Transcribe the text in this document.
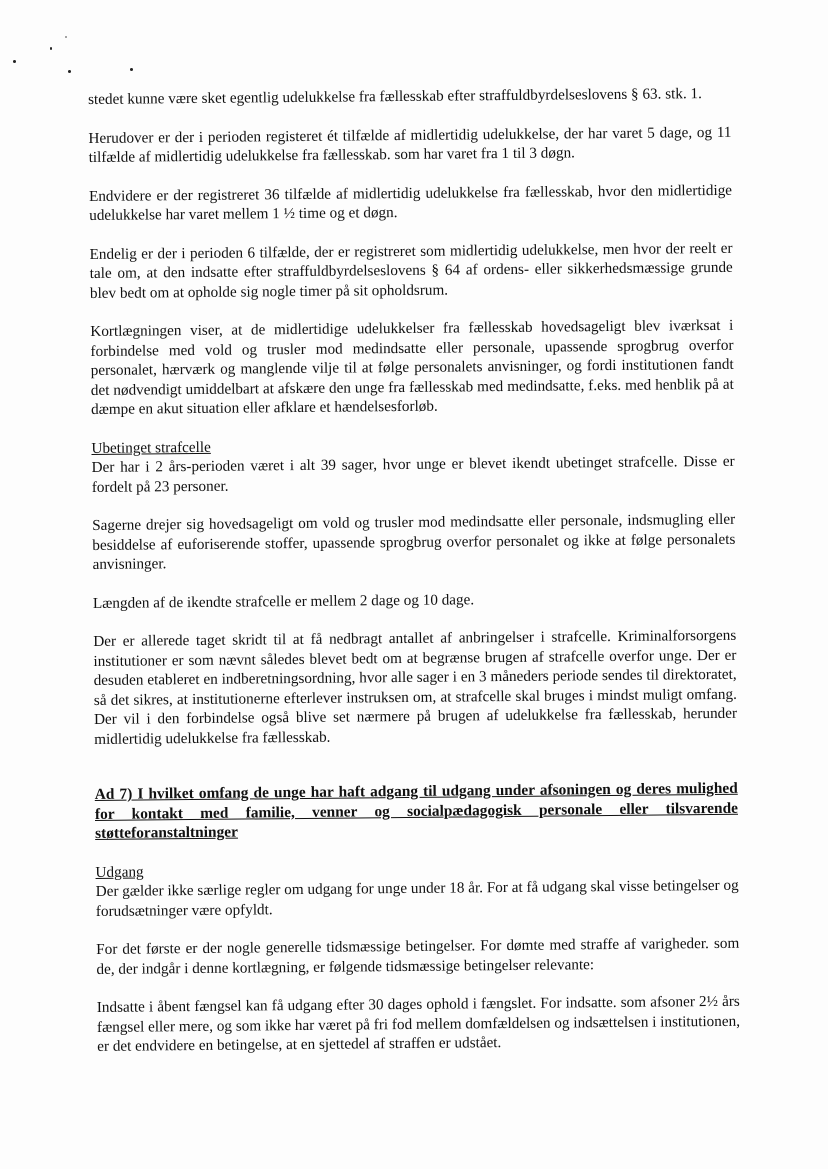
stedet kunne være sket egentlig udelukkelse fra fællesskab efter straffuldbyrdelseslovens § 63. stk. 1.

Herudover er der i perioden registeret ét tilfælde af midlertidig udelukkelse, der har varet 5 dage, og 11 tilfælde af midlertidig udelukkelse fra fællesskab. som har varet fra 1 til 3 døgn.

Endvidere er der registreret 36 tilfælde af midlertidig udelukkelse fra fællesskab, hvor den midlertidige udelukkelse har varet mellem 1 ½ time og et døgn.

Endelig er der i perioden 6 tilfælde, der er registreret som midlertidig udelukkelse, men hvor der reelt er tale om, at den indsatte efter straffuldbyrdelseslovens § 64 af ordens- eller sikkerhedsmæssige grunde blev bedt om at opholde sig nogle timer på sit opholdsrum.

Kortlægningen viser, at de midlertidige udelukkelser fra fællesskab hovedsageligt blev iværksat i forbindelse med vold og trusler mod medindsatte eller personale, upassende sprogbrug overfor personalet, hærværk og manglende vilje til at følge personalets anvisninger, og fordi institutionen fandt det nødvendigt umiddelbart at afskære den unge fra fællesskab med medindsatte, f.eks. med henblik på at dæmpe en akut situation eller afklare et hændelsesforløb.

Ubetinget strafcelle

Der har i 2 års-perioden været i alt 39 sager, hvor unge er blevet ikendt ubetinget strafcelle. Disse er fordelt på 23 personer.

Sagerne drejer sig hovedsageligt om vold og trusler mod medindsatte eller personale, indsmugling eller besiddelse af euforiserende stoffer, upassende sprogbrug overfor personalet og ikke at følge personalets anvisninger.

Længden af de ikendte strafcelle er mellem 2 dage og 10 dage.

Der er allerede taget skridt til at få nedbragt antallet af anbringelser i strafcelle. Kriminalforsorgens institutioner er som nævnt således blevet bedt om at begrænse brugen af strafcelle overfor unge. Der er desuden etableret en indberetningsordning, hvor alle sager i en 3 måneders periode sendes til direktoratet, så det sikres, at institutionerne efterlever instruksen om, at strafcelle skal bruges i mindst muligt omfang. Der vil i den forbindelse også blive set nærmere på brugen af udelukkelse fra fællesskab, herunder midlertidig udelukkelse fra fællesskab.

Ad 7) I hvilket omfang de unge har haft adgang til udgang under afsoningen og deres mulighed for kontakt med familie, venner og socialpædagogisk personale eller tilsvarende støtteforanstaltninger
Udgang

Der gælder ikke særlige regler om udgang for unge under 18 år. For at få udgang skal visse betingelser og forudsætninger være opfyldt.

For det første er der nogle generelle tidsmæssige betingelser. For dømte med straffe af varigheder. som de, der indgår i denne kortlægning, er følgende tidsmæssige betingelser relevante:

Indsatte i åbent fængsel kan få udgang efter 30 dages ophold i fængslet. For indsatte. som afsoner 2½ års fængsel eller mere, og som ikke har været på fri fod mellem domfældelsen og indsættelsen i institutionen, er det endvidere en betingelse, at en sjettedel af straffen er udstået.
